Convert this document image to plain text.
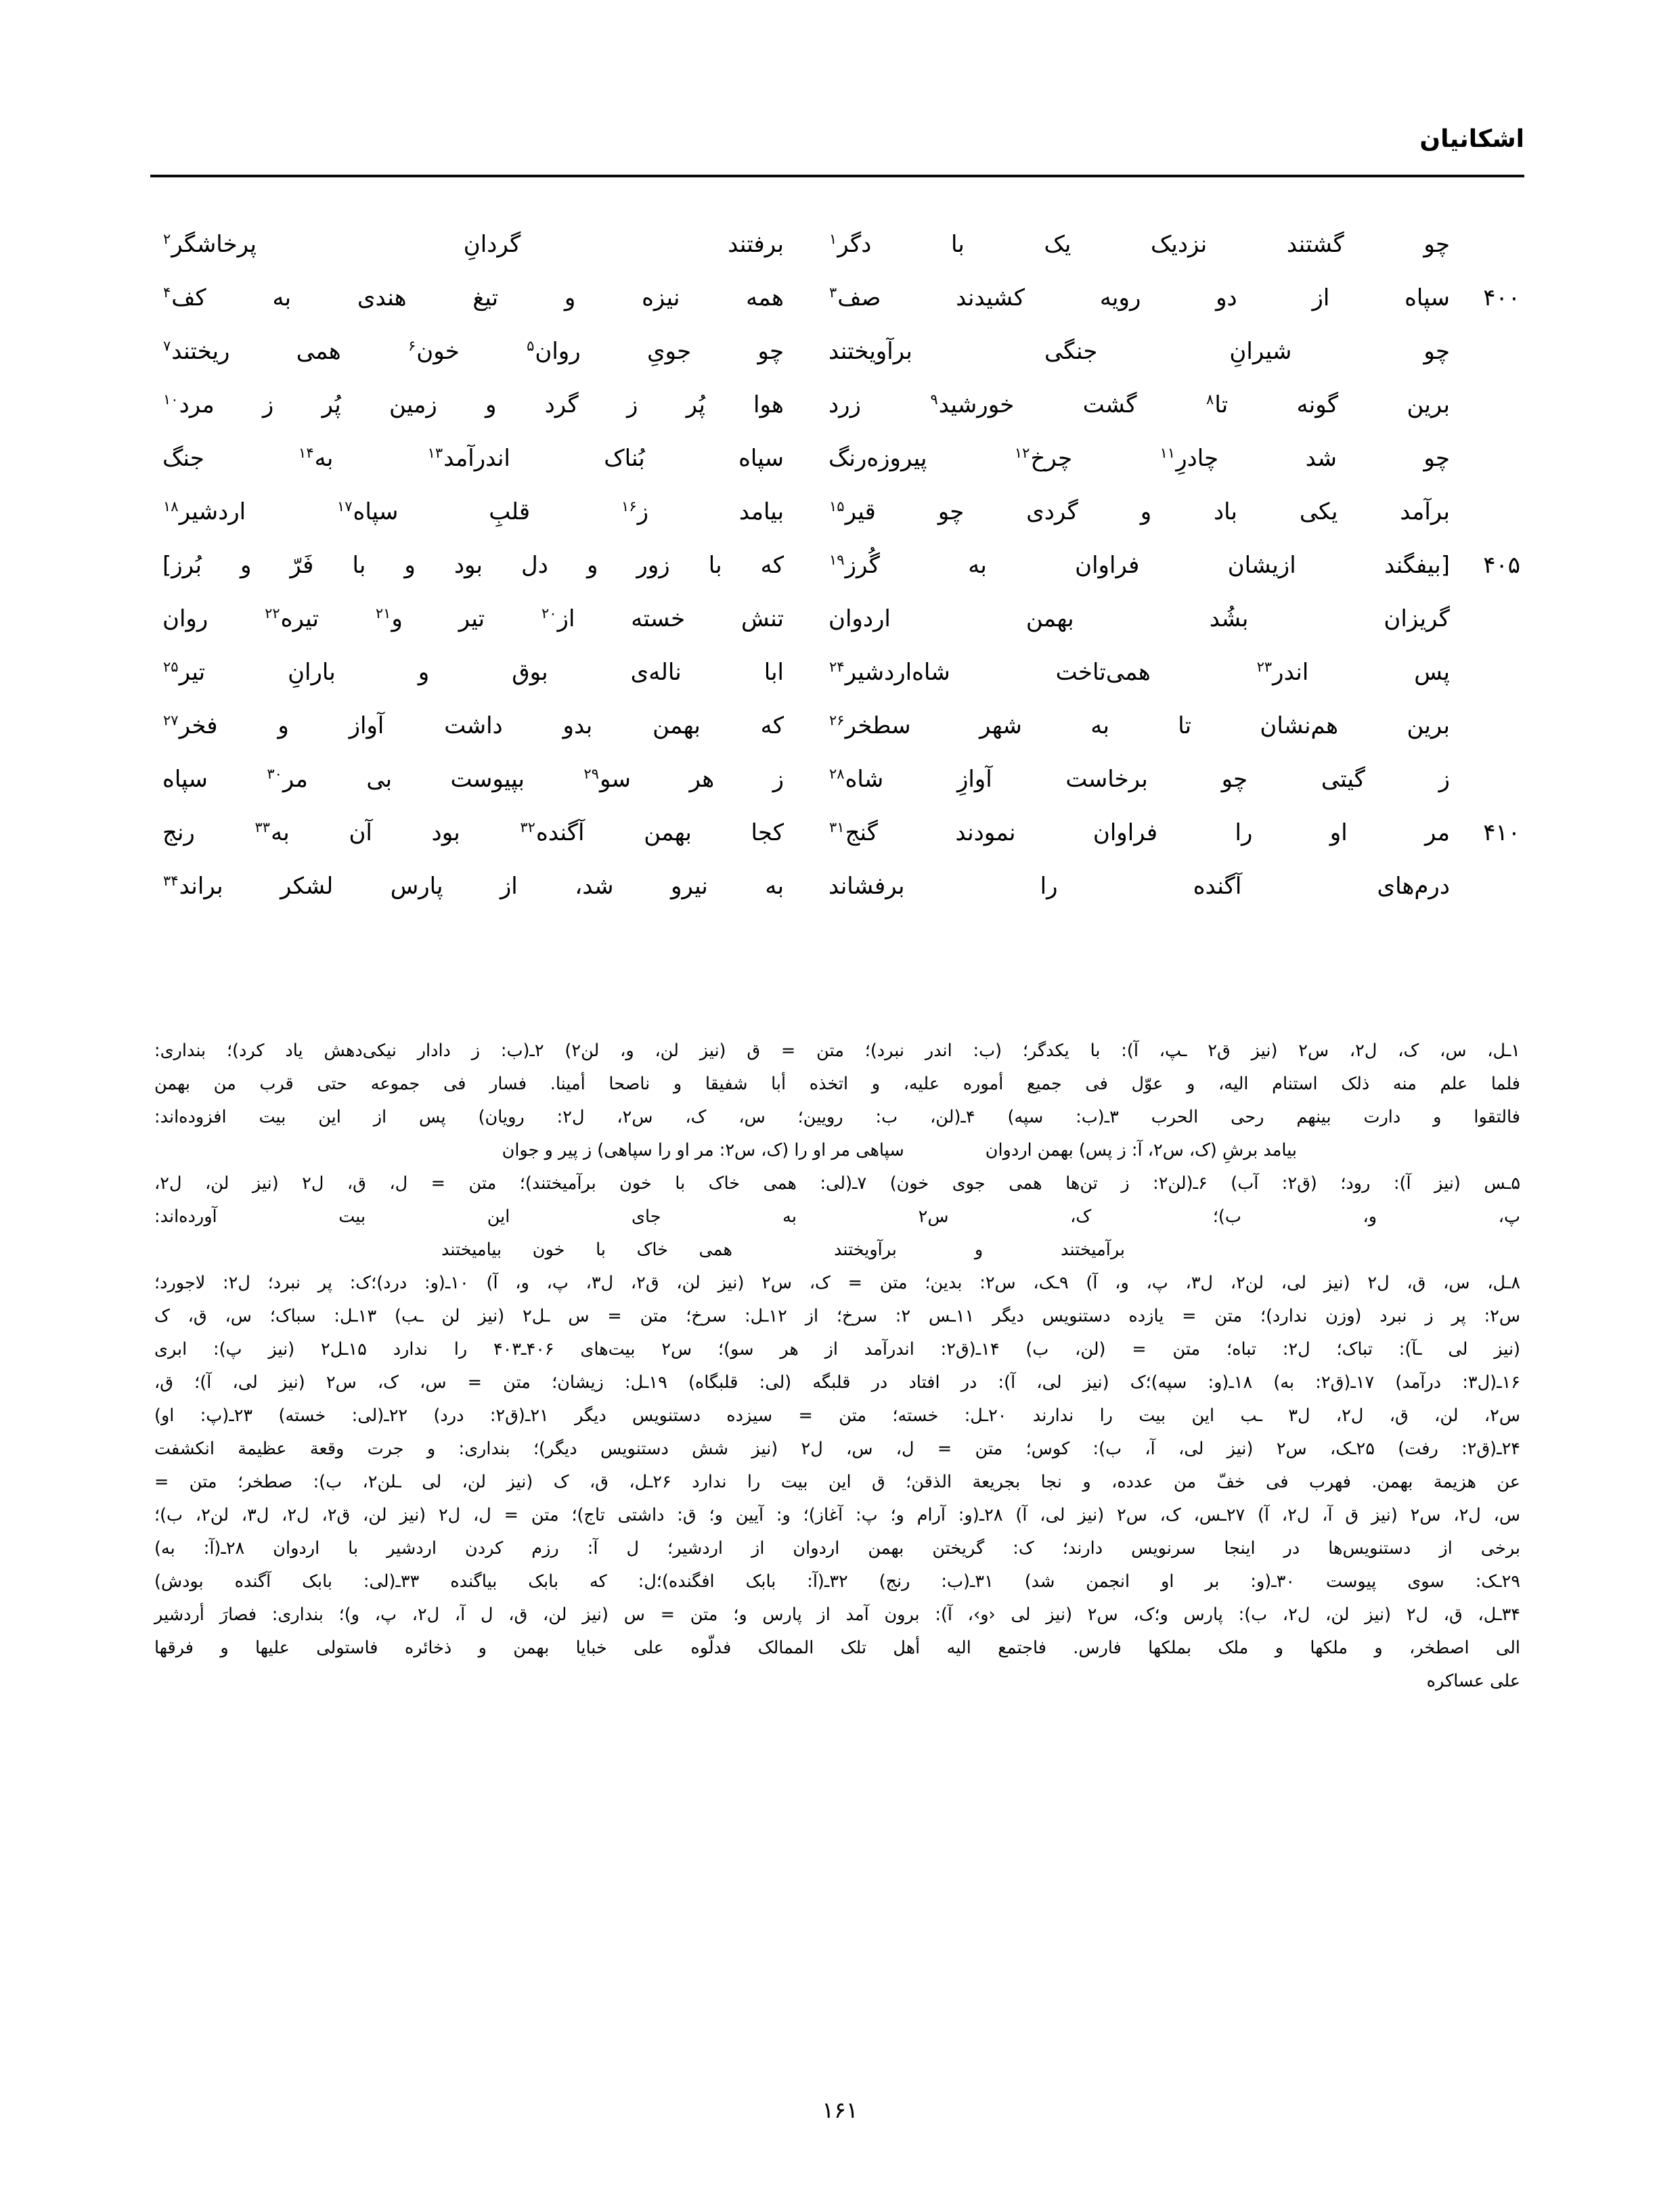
اشکانیان
چو گشتند نزدیک یک با دگر$^۱$
برفتند گردانِ پرخاشگر$^۲$
۴۰۰
سپاه از دو رویه کشیدند صف$^۳$
همه نیزه و تیغ هندی به کف$^۴$
چو شیرانِ جنگی برآویختند
چو جویِ روان$^۵$ خون$^۶$ همی ریختند$^۷$
برین گونه تا$^۸$ گشت خورشید$^۹$ زرد
هوا پُر ز گرد و زمین پُر ز مرد$^{۱۰}$
چو شد چادرِ$^{۱۱}$ چرخ$^{۱۲}$ پیروزه‌رنگ
سپاه بُناک اندرآمد$^{۱۳}$ به$^{۱۴}$ جنگ
برآمد یکی باد و گردی چو قیر$^{۱۵}$
بیامد ز$^{۱۶}$ قلبِ سپاه$^{۱۷}$ اردشیر$^{۱۸}$
۴۰۵
[بیفگند ازیشان فراوان به گُرز$^{۱۹}$
که با زور و دل بود و با فَرّ و بُرز]
گریزان بشُد بهمن اردوان
تنش خسته از$^{۲۰}$ تیر و$^{۲۱}$ تیره$^{۲۲}$ روان
پس اندر$^{۲۳}$ همی‌تاخت شاه‌اردشیر$^{۲۴}$
ابا ناله‌ی بوق و بارانِ تیر$^{۲۵}$
برین هم‌نشان تا به شهر سطخر$^{۲۶}$
که بهمن بدو داشت آواز و فخر$^{۲۷}$
ز گیتی چو برخاست آوازِ شاه$^{۲۸}$
ز هر سو$^{۲۹}$ بپیوست بی مر$^{۳۰}$ سپاه
۴۱۰
مر او را فراوان نمودند گنج$^{۳۱}$
کجا بهمن آگنده$^{۳۲}$ بود آن به$^{۳۳}$ رنج
درم‌های آگنده را برفشاند
به نیرو شد، از پارس لشکر براند$^{۳۴}$
۱ـل، س، ک، ل۲، س۲ (نیز ق۲ ـپ، آ): با یکدگر؛ (ب: اندر نبرد)؛ متن = ق (نیز لن، و، لن۲) ۲ـ(ب: ز دادار نیکی‌دهش یاد کرد)؛ بنداری:
فلما علم منه ذلک استنام الیه، و عوّل فی جمیع أموره علیه، و اتخذه أبا شفیقا و ناصحا أمینا. فسار فی جموعه حتی قرب من بهمن
فالتقوا و دارت بینهم رحی الحرب ۳ـ(ب: سپه) ۴ـ(لن، ب: رویین؛ س، ک، س۲، ل۲: رویان) پس از این بیت افزوده‌اند:
بیامد برشِ (ک، س۲، آ: ز پس) بهمن اردوان
سپاهی مر او را (ک، س۲: مر او را سپاهی) ز پیر و جوان
۵ـس (نیز آ): رود؛ (ق۲: آب) ۶ـ(لن۲: ز تن‌ها همی جوی خون) ۷ـ(لی: همی خاک با خون برآمیختند)؛ متن = ل، ق، ل۲ (نیز لن، ل۲،
پ، و، ب)؛ ک، س۲ به جای این بیت آورده‌اند:
برآمیختند و برآویختند
همی خاک با خون بیامیختند
۸ـل، س، ق، ل۲ (نیز لی، لن۲، ل۳، پ، و، آ) ۹ـک، س۲: بدین؛ متن = ک، س۲ (نیز لن، ق۲، ل۳، پ، و، آ) ۱۰ـ(و: درد)؛ک: پر نبرد؛ ل۲: لاجورد؛
س۲: پر ز نبرد (وزن ندارد)؛ متن = یازده دستنویس دیگر ۱۱ـس ۲: سرخ؛ از ۱۲ـل: سرخ؛ متن = س ـل۲ (نیز لن ـب) ۱۳ـل: سباک؛ س، ق، ک
(نیز لی ـآ): تباک؛ ل۲: تباه؛ متن = (لن، ب) ۱۴ـ(ق۲: اندرآمد از هر سو)؛ س۲ بیت‌های ۴۰۶ـ۴۰۳ را ندارد ۱۵ـل۲ (نیز پ): ابری
۱۶ـ(ل۳: درآمد) ۱۷ـ(ق۲: به) ۱۸ـ(و: سپه)؛ک (نیز لی، آ): در افتاد در قلبگه (لی: قلبگاه) ۱۹ـل: زیشان؛ متن = س، ک، س۲ (نیز لی، آ)؛ ق،
س۲، لن، ق، ل۲، ل۳ ـب این بیت را ندارند ۲۰ـل: خسته؛ متن = سیزده دستنویس دیگر ۲۱ـ(ق۲: درد) ۲۲ـ(لی: خسته) ۲۳ـ(پ: او)
۲۴ـ(ق۲: رفت) ۲۵ـک، س۲ (نیز لی، آ، ب): کوس؛ متن = ل، س، ل۲ (نیز شش دستنویس دیگر)؛ بنداری: و جرت وقعة عظیمة انکشفت
عن هزیمة بهمن. فهرب فی خفّ من عدده، و نجا بجریعة الذقن؛ ق این بیت را ندارد ۲۶ـل، ق، ک (نیز لن، لی ـلن۲، ب): صطخر؛ متن =
س، ل۲، س۲ (نیز ق آ، ل۲، آ) ۲۷ـس، ک، س۲ (نیز لی، آ) ۲۸ـ(و: آرام و؛ پ: آغاز)؛ و: آیین و؛ ق: داشتی تاج)؛ متن = ل، ل۲ (نیز لن، ق۲، ل۲، ل۳، لن۲، ب)؛
برخی از دستنویس‌ها در اینجا سرنویس دارند؛ ک: گریختن بهمن اردوان از اردشیر؛ ل آ: رزم کردن اردشیر با اردوان ۲۸ـ(آ: به)
۲۹ـک: سوی پیوست ۳۰ـ(و: بر او انجمن شد) ۳۱ـ(ب: رنج) ۳۲ـ(آ: بابک افگنده)؛ل: که بابک بیاگنده ۳۳ـ(لی: بابک آگنده بودش)
۳۴ـل، ق، ل۲ (نیز لن، ل۲، ب): پارس و؛ک، س۲ (نیز لی ‹و›، آ): برون آمد از پارس و؛ متن = س (نیز لن، ق، ل آ، ل۲، پ، و)؛ بنداری: فصارَ أردشیر
الی اصطخر، و ملکها و ملک بملکها فارس. فاجتمع الیه أهل تلک الممالک فدلّوه علی خبایا بهمن و ذخائره فاستولی علیها و فرقها
علی عساکره
۱۶۱
